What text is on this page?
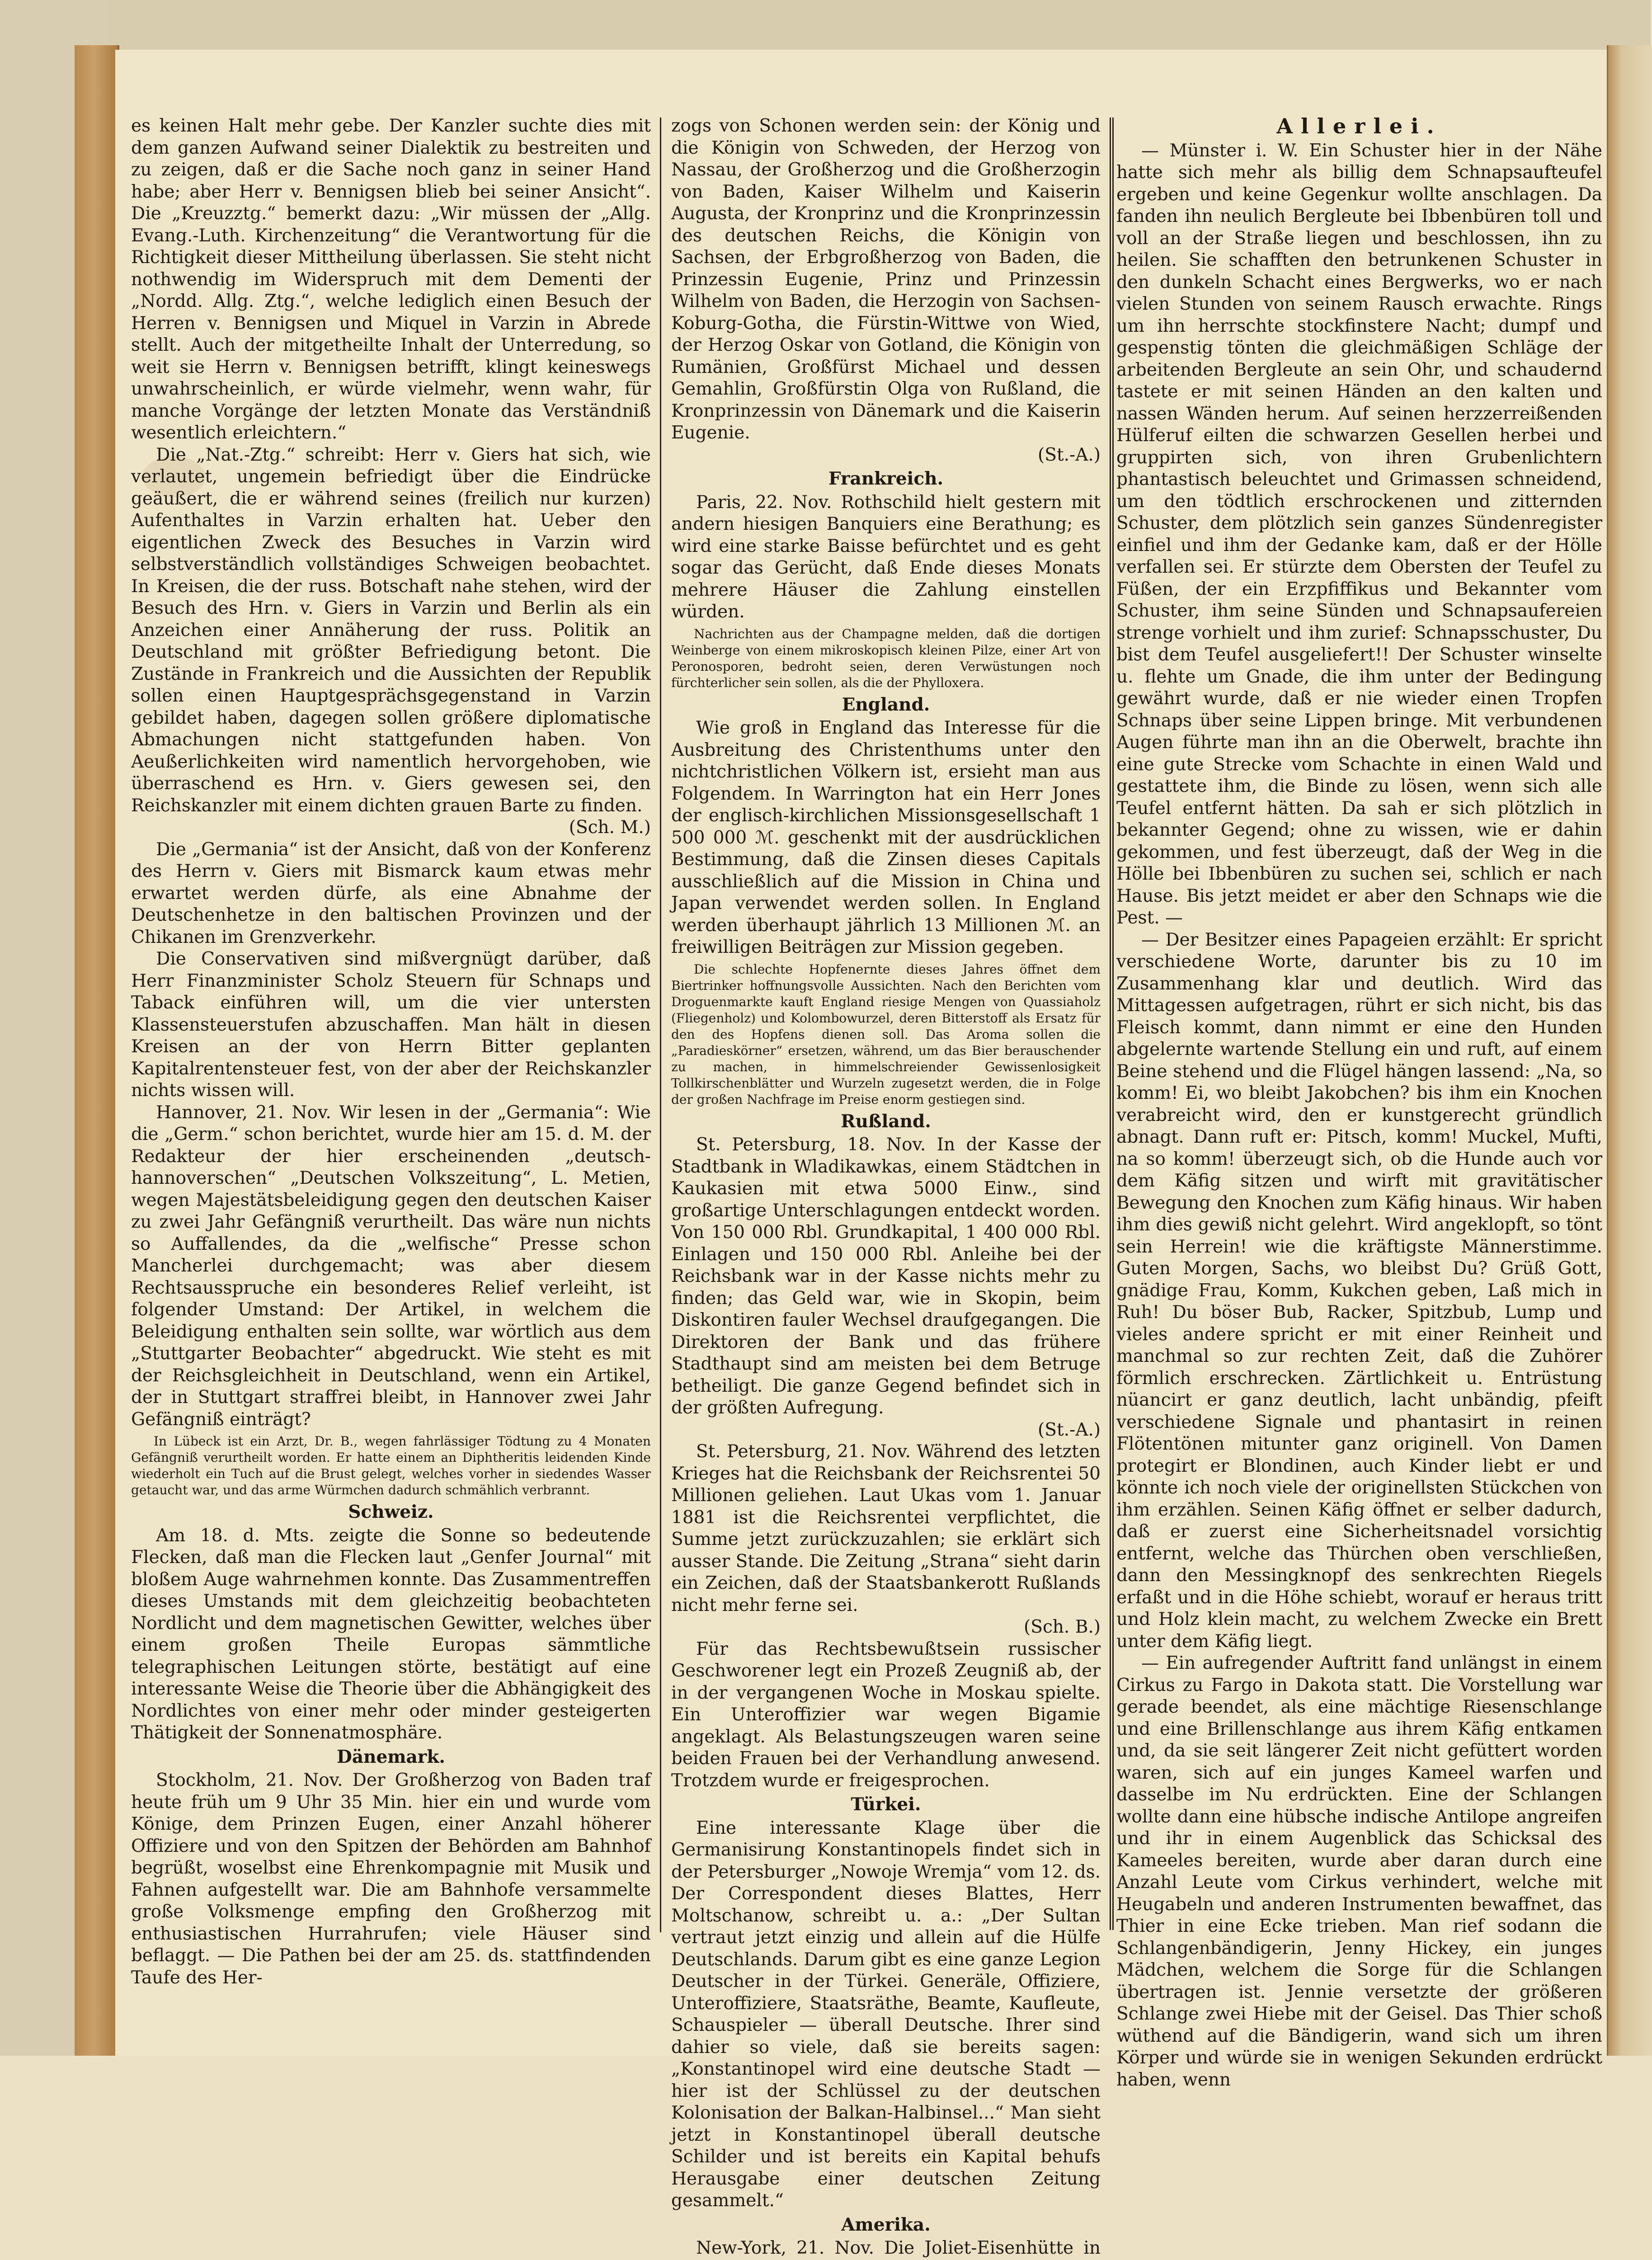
es keinen Halt mehr gebe. Der Kanzler suchte dies mit dem ganzen Aufwand seiner Dialektik zu bestreiten und zu zeigen, daß er die Sache noch ganz in seiner Hand habe; aber Herr v. Bennigsen blieb bei seiner Ansicht“. Die „Kreuzztg.“ bemerkt dazu: „Wir müssen der „Allg. Evang.-Luth. Kirchenzeitung“ die Verantwortung für die Richtigkeit dieser Mittheilung überlassen. Sie steht nicht nothwendig im Widerspruch mit dem Dementi der „Nordd. Allg. Ztg.“, welche lediglich einen Besuch der Herren v. Bennigsen und Miquel in Varzin in Abrede stellt. Auch der mitgetheilte Inhalt der Unterredung, so weit sie Herrn v. Bennigsen betrifft, klingt keineswegs unwahrscheinlich, er würde vielmehr, wenn wahr, für manche Vorgänge der letzten Monate das Verständniß wesentlich erleichtern.“

Die „Nat.-Ztg.“ schreibt: Herr v. Giers hat sich, wie verlautet, ungemein befriedigt über die Eindrücke geäußert, die er während seines (freilich nur kurzen) Aufenthaltes in Varzin erhalten hat. Ueber den eigentlichen Zweck des Besuches in Varzin wird selbstverständlich vollständiges Schweigen beobachtet. In Kreisen, die der russ. Botschaft nahe stehen, wird der Besuch des Hrn. v. Giers in Varzin und Berlin als ein Anzeichen einer Annäherung der russ. Politik an Deutschland mit größter Befriedigung betont. Die Zustände in Frankreich und die Aussichten der Republik sollen einen Hauptgesprächsgegenstand in Varzin gebildet haben, dagegen sollen größere diplomatische Abmachungen nicht stattgefunden haben. Von Aeußerlichkeiten wird namentlich hervorgehoben, wie überraschend es Hrn. v. Giers gewesen sei, den Reichskanzler mit einem dichten grauen Barte zu finden.

(Sch. M.)

Die „Germania“ ist der Ansicht, daß von der Konferenz des Herrn v. Giers mit Bismarck kaum etwas mehr erwartet werden dürfe, als eine Abnahme der Deutschenhetze in den baltischen Provinzen und der Chikanen im Grenzverkehr.

Die Conservativen sind mißvergnügt darüber, daß Herr Finanzminister Scholz Steuern für Schnaps und Taback einführen will, um die vier untersten Klassensteuerstufen abzuschaffen. Man hält in diesen Kreisen an der von Herrn Bitter geplanten Kapitalrentensteuer fest, von der aber der Reichskanzler nichts wissen will.

Hannover, 21. Nov. Wir lesen in der „Germania“: Wie die „Germ.“ schon berichtet, wurde hier am 15. d. M. der Redakteur der hier erscheinenden „deutsch-hannoverschen“ „Deutschen Volkszeitung“, L. Metien, wegen Majestätsbeleidigung gegen den deutschen Kaiser zu zwei Jahr Gefängniß verurtheilt. Das wäre nun nichts so Auffallendes, da die „welfische“ Presse schon Mancherlei durchgemacht; was aber diesem Rechtsausspruche ein besonderes Relief verleiht, ist folgender Umstand: Der Artikel, in welchem die Beleidigung enthalten sein sollte, war wörtlich aus dem „Stuttgarter Beobachter“ abgedruckt. Wie steht es mit der Reichsgleichheit in Deutschland, wenn ein Artikel, der in Stuttgart straffrei bleibt, in Hannover zwei Jahr Gefängniß einträgt?

In Lübeck ist ein Arzt, Dr. B., wegen fahrlässiger Tödtung zu 4 Monaten Gefängniß verurtheilt worden. Er hatte einem an Diphtheritis leidenden Kinde wiederholt ein Tuch auf die Brust gelegt, welches vorher in siedendes Wasser getaucht war, und das arme Würmchen dadurch schmählich verbrannt.

Schweiz.

Am 18. d. Mts. zeigte die Sonne so bedeutende Flecken, daß man die Flecken laut „Genfer Journal“ mit bloßem Auge wahrnehmen konnte. Das Zusammentreffen dieses Umstands mit dem gleichzeitig beobachteten Nordlicht und dem magnetischen Gewitter, welches über einem großen Theile Europas sämmtliche telegraphischen Leitungen störte, bestätigt auf eine interessante Weise die Theorie über die Abhängigkeit des Nordlichtes von einer mehr oder minder gesteigerten Thätigkeit der Sonnenatmosphäre.

Dänemark.

Stockholm, 21. Nov. Der Großherzog von Baden traf heute früh um 9 Uhr 35 Min. hier ein und wurde vom Könige, dem Prinzen Eugen, einer Anzahl höherer Offiziere und von den Spitzen der Behörden am Bahnhof begrüßt, woselbst eine Ehrenkompagnie mit Musik und Fahnen aufgestellt war. Die am Bahnhofe versammelte große Volksmenge empfing den Großherzog mit enthusiastischen Hurrahrufen; viele Häuser sind beflaggt. — Die Pathen bei der am 25. ds. stattfindenden Taufe des Her-

zogs von Schonen werden sein: der König und die Königin von Schweden, der Herzog von Nassau, der Großherzog und die Großherzogin von Baden, Kaiser Wilhelm und Kaiserin Augusta, der Kronprinz und die Kronprinzessin des deutschen Reichs, die Königin von Sachsen, der Erbgroßherzog von Baden, die Prinzessin Eugenie, Prinz und Prinzessin Wilhelm von Baden, die Herzogin von Sachsen-Koburg-Gotha, die Fürstin-Wittwe von Wied, der Herzog Oskar von Gotland, die Königin von Rumänien, Großfürst Michael und dessen Gemahlin, Großfürstin Olga von Rußland, die Kronprinzessin von Dänemark und die Kaiserin Eugenie.

(St.-A.)

Frankreich.

Paris, 22. Nov. Rothschild hielt gestern mit andern hiesigen Banquiers eine Berathung; es wird eine starke Baisse befürchtet und es geht sogar das Gerücht, daß Ende dieses Monats mehrere Häuser die Zahlung einstellen würden.

Nachrichten aus der Champagne melden, daß die dortigen Weinberge von einem mikroskopisch kleinen Pilze, einer Art von Peronosporen, bedroht seien, deren Verwüstungen noch fürchterlicher sein sollen, als die der Phylloxera.

England.

Wie groß in England das Interesse für die Ausbreitung des Christenthums unter den nichtchristlichen Völkern ist, ersieht man aus Folgendem. In Warrington hat ein Herr Jones der englisch-kirchlichen Missionsgesellschaft 1 500 000 ℳ. geschenkt mit der ausdrücklichen Bestimmung, daß die Zinsen dieses Capitals ausschließlich auf die Mission in China und Japan verwendet werden sollen. In England werden überhaupt jährlich 13 Millionen ℳ. an freiwilligen Beiträgen zur Mission gegeben.

Die schlechte Hopfenernte dieses Jahres öffnet dem Biertrinker hoffnungsvolle Aussichten. Nach den Berichten vom Droguenmarkte kauft England riesige Mengen von Quassiaholz (Fliegenholz) und Kolombowurzel, deren Bitterstoff als Ersatz für den des Hopfens dienen soll. Das Aroma sollen die „Paradieskörner“ ersetzen, während, um das Bier berauschender zu machen, in himmelschreiender Gewissenlosigkeit Tollkirschenblätter und Wurzeln zugesetzt werden, die in Folge der großen Nachfrage im Preise enorm gestiegen sind.

Rußland.

St. Petersburg, 18. Nov. In der Kasse der Stadtbank in Wladikawkas, einem Städtchen in Kaukasien mit etwa 5000 Einw., sind großartige Unterschlagungen entdeckt worden. Von 150 000 Rbl. Grundkapital, 1 400 000 Rbl. Einlagen und 150 000 Rbl. Anleihe bei der Reichsbank war in der Kasse nichts mehr zu finden; das Geld war, wie in Skopin, beim Diskontiren fauler Wechsel draufgegangen. Die Direktoren der Bank und das frühere Stadthaupt sind am meisten bei dem Betruge betheiligt. Die ganze Gegend befindet sich in der größten Aufregung.

(St.-A.)

St. Petersburg, 21. Nov. Während des letzten Krieges hat die Reichsbank der Reichsrentei 50 Millionen geliehen. Laut Ukas vom 1. Januar 1881 ist die Reichsrentei verpflichtet, die Summe jetzt zurückzuzahlen; sie erklärt sich ausser Stande. Die Zeitung „Strana“ sieht darin ein Zeichen, daß der Staatsbankerott Rußlands nicht mehr ferne sei.

(Sch. B.)

Für das Rechtsbewußtsein russischer Geschworener legt ein Prozeß Zeugniß ab, der in der vergangenen Woche in Moskau spielte. Ein Unteroffizier war wegen Bigamie angeklagt. Als Belastungszeugen waren seine beiden Frauen bei der Verhandlung anwesend. Trotzdem wurde er freigesprochen.

Türkei.

Eine interessante Klage über die Germanisirung Konstantinopels findet sich in der Petersburger „Nowoje Wremja“ vom 12. ds. Der Correspondent dieses Blattes, Herr Moltschanow, schreibt u. a.: „Der Sultan vertraut jetzt einzig und allein auf die Hülfe Deutschlands. Darum gibt es eine ganze Legion Deutscher in der Türkei. Generäle, Offiziere, Unteroffiziere, Staatsräthe, Beamte, Kaufleute, Schauspieler — überall Deutsche. Ihrer sind dahier so viele, daß sie bereits sagen: „Konstantinopel wird eine deutsche Stadt — hier ist der Schlüssel zu der deutschen Kolonisation der Balkan-Halbinsel...“ Man sieht jetzt in Konstantinopel überall deutsche Schilder und ist bereits ein Kapital behufs Herausgabe einer deutschen Zeitung gesammelt.“

Amerika.

New-York, 21. Nov. Die Joliet-Eisenhütte in

Allerlei.

— Münster i. W. Ein Schuster hier in der Nähe hatte sich mehr als billig dem Schnapsaufteufel ergeben und keine Gegenkur wollte anschlagen. Da fanden ihn neulich Bergleute bei Ibbenbüren toll und voll an der Straße liegen und beschlossen, ihn zu heilen. Sie schafften den betrunkenen Schuster in den dunkeln Schacht eines Bergwerks, wo er nach vielen Stunden von seinem Rausch erwachte. Rings um ihn herrschte stockfinstere Nacht; dumpf und gespenstig tönten die gleichmäßigen Schläge der arbeitenden Bergleute an sein Ohr, und schaudernd tastete er mit seinen Händen an den kalten und nassen Wänden herum. Auf seinen herzzerreißenden Hülferuf eilten die schwarzen Gesellen herbei und gruppirten sich, von ihren Grubenlichtern phantastisch beleuchtet und Grimassen schneidend, um den tödtlich erschrockenen und zitternden Schuster, dem plötzlich sein ganzes Sündenregister einfiel und ihm der Gedanke kam, daß er der Hölle verfallen sei. Er stürzte dem Obersten der Teufel zu Füßen, der ein Erzpfiffikus und Bekannter vom Schuster, ihm seine Sünden und Schnapsaufereien strenge vorhielt und ihm zurief: Schnapsschuster, Du bist dem Teufel ausgeliefert!! Der Schuster winselte u. flehte um Gnade, die ihm unter der Bedingung gewährt wurde, daß er nie wieder einen Tropfen Schnaps über seine Lippen bringe. Mit verbundenen Augen führte man ihn an die Oberwelt, brachte ihn eine gute Strecke vom Schachte in einen Wald und gestattete ihm, die Binde zu lösen, wenn sich alle Teufel entfernt hätten. Da sah er sich plötzlich in bekannter Gegend; ohne zu wissen, wie er dahin gekommen, und fest überzeugt, daß der Weg in die Hölle bei Ibbenbüren zu suchen sei, schlich er nach Hause. Bis jetzt meidet er aber den Schnaps wie die Pest. —

— Der Besitzer eines Papageien erzählt: Er spricht verschiedene Worte, darunter bis zu 10 im Zusammenhang klar und deutlich. Wird das Mittagessen aufgetragen, rührt er sich nicht, bis das Fleisch kommt, dann nimmt er eine den Hunden abgelernte wartende Stellung ein und ruft, auf einem Beine stehend und die Flügel hängen lassend: „Na, so komm! Ei, wo bleibt Jakobchen? bis ihm ein Knochen verabreicht wird, den er kunstgerecht gründlich abnagt. Dann ruft er: Pitsch, komm! Muckel, Mufti, na so komm! überzeugt sich, ob die Hunde auch vor dem Käfig sitzen und wirft mit gravitätischer Bewegung den Knochen zum Käfig hinaus. Wir haben ihm dies gewiß nicht gelehrt. Wird angeklopft, so tönt sein Herrein! wie die kräftigste Männerstimme. Guten Morgen, Sachs, wo bleibst Du? Grüß Gott, gnädige Frau, Komm, Kukchen geben, Laß mich in Ruh! Du böser Bub, Racker, Spitzbub, Lump und vieles andere spricht er mit einer Reinheit und manchmal so zur rechten Zeit, daß die Zuhörer förmlich erschrecken. Zärtlichkeit u. Entrüstung nüancirt er ganz deutlich, lacht unbändig, pfeift verschiedene Signale und phantasirt in reinen Flötentönen mitunter ganz originell. Von Damen protegirt er Blondinen, auch Kinder liebt er und könnte ich noch viele der originellsten Stückchen von ihm erzählen. Seinen Käfig öffnet er selber dadurch, daß er zuerst eine Sicherheitsnadel vorsichtig entfernt, welche das Thürchen oben verschließen, dann den Messingknopf des senkrechten Riegels erfaßt und in die Höhe schiebt, worauf er heraus tritt und Holz klein macht, zu welchem Zwecke ein Brett unter dem Käfig liegt.

— Ein aufregender Auftritt fand unlängst in einem Cirkus zu Fargo in Dakota statt. Die Vorstellung war gerade beendet, als eine mächtige Riesenschlange und eine Brillenschlange aus ihrem Käfig entkamen und, da sie seit längerer Zeit nicht gefüttert worden waren, sich auf ein junges Kameel warfen und dasselbe im Nu erdrückten. Eine der Schlangen wollte dann eine hübsche indische Antilope angreifen und ihr in einem Augenblick das Schicksal des Kameeles bereiten, wurde aber daran durch eine Anzahl Leute vom Cirkus verhindert, welche mit Heugabeln und anderen Instrumenten bewaffnet, das Thier in eine Ecke trieben. Man rief sodann die Schlangenbändigerin, Jenny Hickey, ein junges Mädchen, welchem die Sorge für die Schlangen übertragen ist. Jennie versetzte der größeren Schlange zwei Hiebe mit der Geisel. Das Thier schoß wüthend auf die Bändigerin, wand sich um ihren Körper und würde sie in wenigen Sekunden erdrückt haben, wenn
